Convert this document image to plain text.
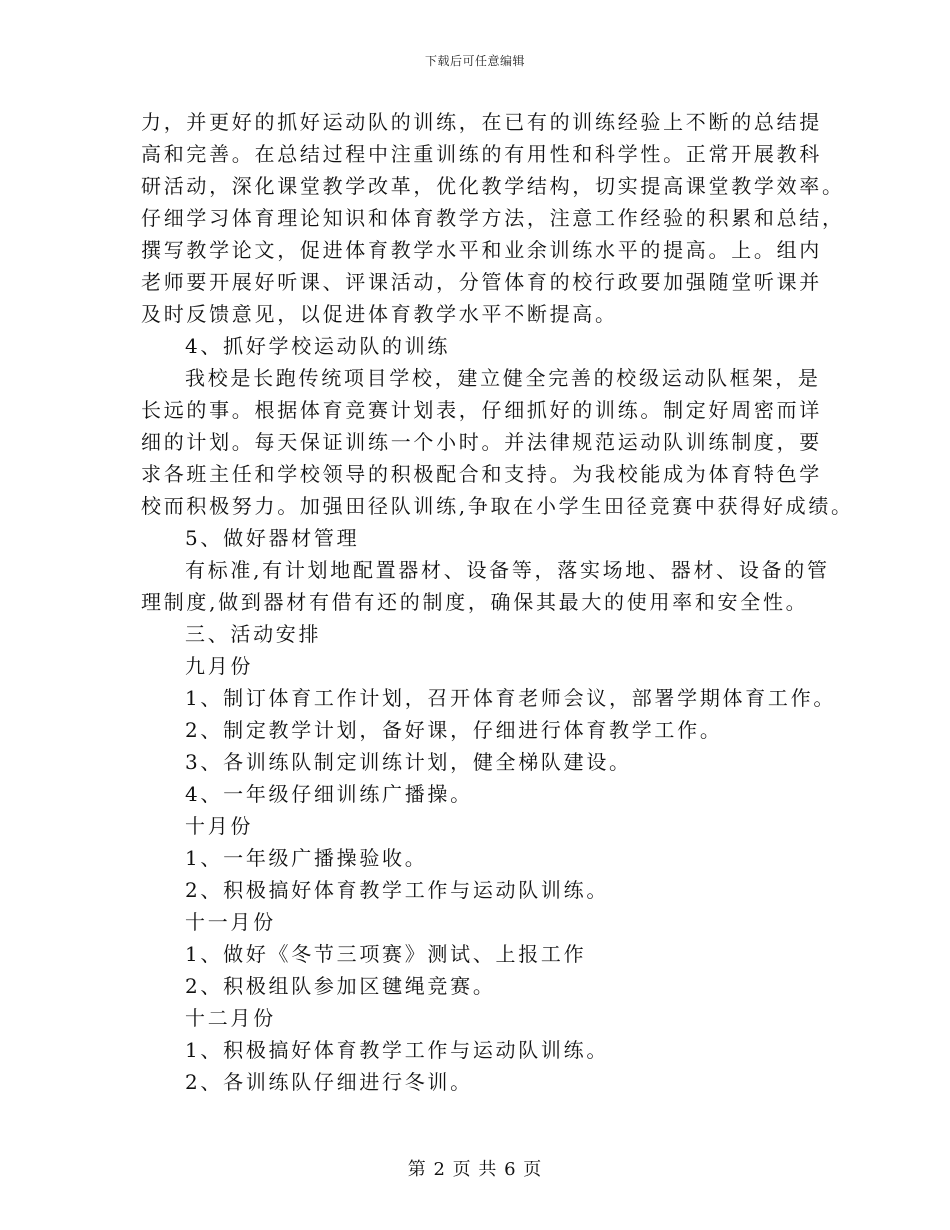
下载后可任意编辑
力，并更好的抓好运动队的训练，在已有的训练经验上不断的总结提
高和完善。在总结过程中注重训练的有用性和科学性。正常开展教科
研活动，深化课堂教学改革，优化教学结构，切实提高课堂教学效率。
仔细学习体育理论知识和体育教学方法，注意工作经验的积累和总结，
撰写教学论文，促进体育教学水平和业余训练水平的提高。上。组内
老师要开展好听课、评课活动，分管体育的校行政要加强随堂听课并
及时反馈意见，以促进体育教学水平不断提高。
4、抓好学校运动队的训练
我校是长跑传统项目学校，建立健全完善的校级运动队框架，是
长远的事。根据体育竞赛计划表，仔细抓好的训练。制定好周密而详
细的计划。每天保证训练一个小时。并法律规范运动队训练制度，要
求各班主任和学校领导的积极配合和支持。为我校能成为体育特色学
校而积极努力。加强田径队训练,争取在小学生田径竞赛中获得好成绩。
5、做好器材管理
有标准,有计划地配置器材、设备等，落实场地、器材、设备的管
理制度,做到器材有借有还的制度，确保其最大的使用率和安全性。
三、活动安排
九月份
1、制订体育工作计划，召开体育老师会议，部署学期体育工作。
2、制定教学计划，备好课，仔细进行体育教学工作。
3、各训练队制定训练计划，健全梯队建设。
4、一年级仔细训练广播操。
十月份
1、一年级广播操验收。
2、积极搞好体育教学工作与运动队训练。
十一月份
1、做好《冬节三项赛》测试、上报工作
2、积极组队参加区毽绳竞赛。
十二月份
1、积极搞好体育教学工作与运动队训练。
2、各训练队仔细进行冬训。
第 2 页 共 6 页
